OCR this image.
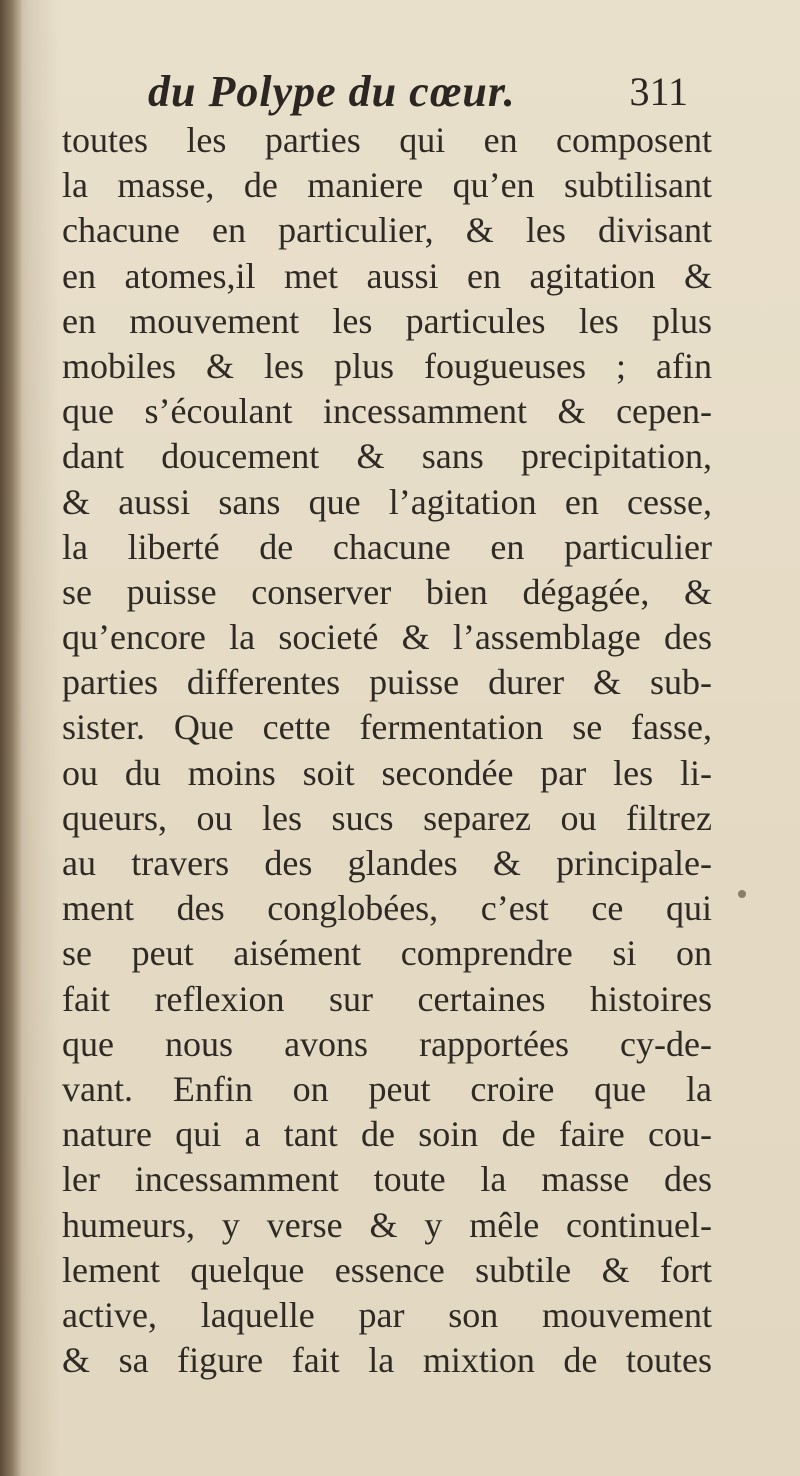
du Polype du cœur.	311
toutes les parties qui en composent
la masse, de maniere qu’en subtilisant
chacune en particulier, & les divisant
en atomes,il met aussi en agitation &
en mouvement les particules les plus
mobiles & les plus fougueuses ; afin
que s’écoulant incessamment & cepen-
dant doucement & sans precipitation,
& aussi sans que l’agitation en cesse,
la liberté de chacune en particulier
se puisse conserver bien dégagée, &
qu’encore la societé & l’assemblage des
parties differentes puisse durer & sub-
sister. Que cette fermentation se fasse,
ou du moins soit secondée par les li-
queurs, ou les sucs separez ou filtrez
au travers des glandes & principale-
ment des conglobées, c’est ce qui
se peut aisément comprendre si on
fait reflexion sur certaines histoires
que nous avons rapportées cy-de-
vant. Enfin on peut croire que la
nature qui a tant de soin de faire cou-
ler incessamment toute la masse des
humeurs, y verse & y mêle continuel-
lement quelque essence subtile & fort
active, laquelle par son mouvement
& sa figure fait la mixtion de toutes
